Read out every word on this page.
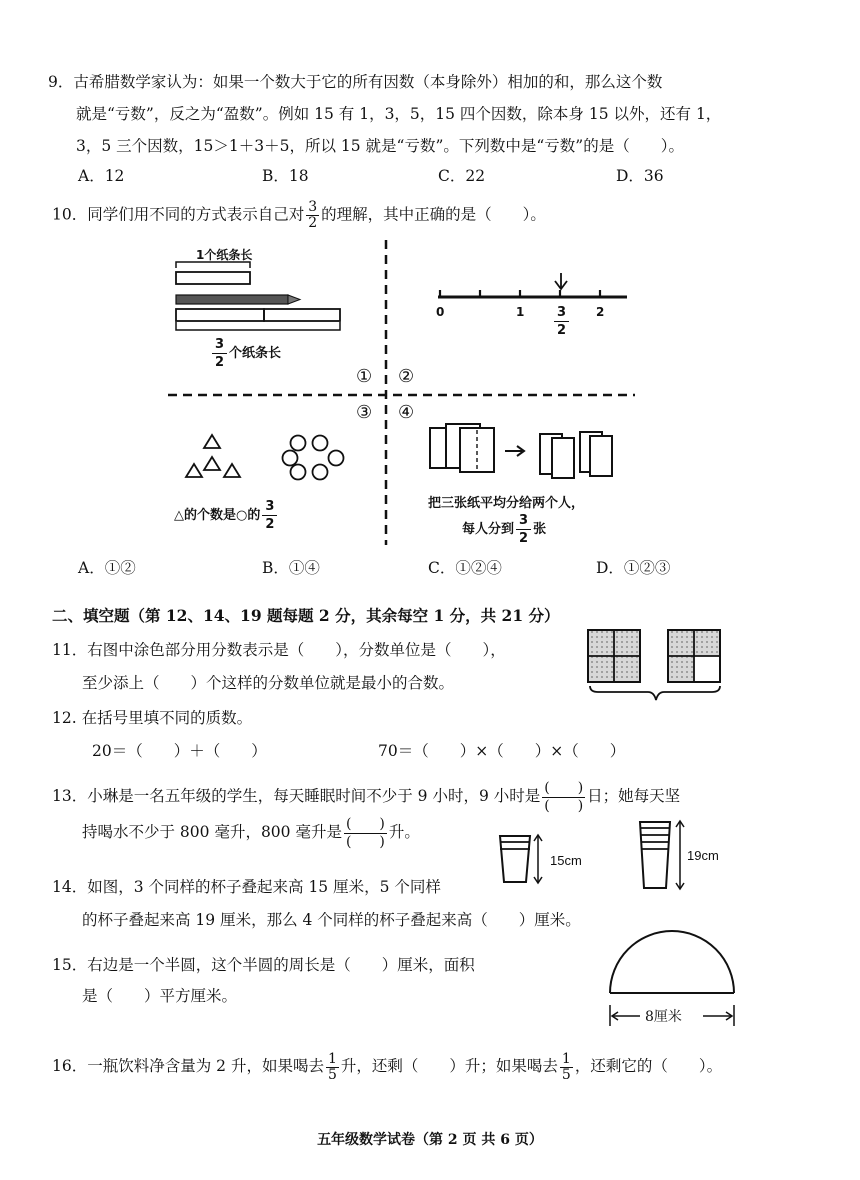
9．古希腊数学家认为：如果一个数大于它的所有因数（本身除外）相加的和，那么这个数
就是“亏数”，反之为“盈数”。例如 15 有 1，3，5，15 四个因数，除本身 15 以外，还有 1，
3，5 三个因数，15＞1＋3＋5，所以 15 就是“亏数”。下列数中是“亏数”的是（　　）。
A．12	B．18	C．22	D．36
10．同学们用不同的方式表示自己对 $\frac{3}{2}$ 的理解，其中正确的是（　　）。
① ②
③ ④
1个纸条长
$\frac{3}{2}$ 个纸条长
0	1	2
$\frac{3}{2}$
△的个数是○的 $\frac{3}{2}$	把三张纸平均分给两个人，
每人分到 $\frac{3}{2}$ 张
A．①②	B．①④	C．①②④	D．①②③
二、填空题（第 12、14、19 题每题 2 分，其余每空 1 分，共 21 分）
11．右图中涂色部分用分数表示是（　　），分数单位是（　　），
至少添上（　　）个这样的分数单位就是最小的合数。
12. 在括号里填不同的质数。
20＝（　　）＋（　　）	70＝（　　）×（　　）×（　　）
13．小琳是一名五年级的学生，每天睡眠时间不少于 9 小时，9 小时是 $\frac{( )}{( )}$ 日；她每天坚
持喝水不少于 800 毫升，800 毫升是 $\frac{( )}{( )}$ 升。
15cm	19cm
14．如图，3 个同样的杯子叠起来高 15 厘米，5 个同样
的杯子叠起来高 19 厘米，那么 4 个同样的杯子叠起来高（　　）厘米。
15．右边是一个半圆，这个半圆的周长是（　　）厘米，面积
是（　　）平方厘米。
8厘米
16．一瓶饮料净含量为 2 升，如果喝去 $\frac{1}{5}$ 升，还剩（　　）升；如果喝去 $\frac{1}{5}$ ，还剩它的（　　）。
五年级数学试卷（第 2 页 共 6 页）
